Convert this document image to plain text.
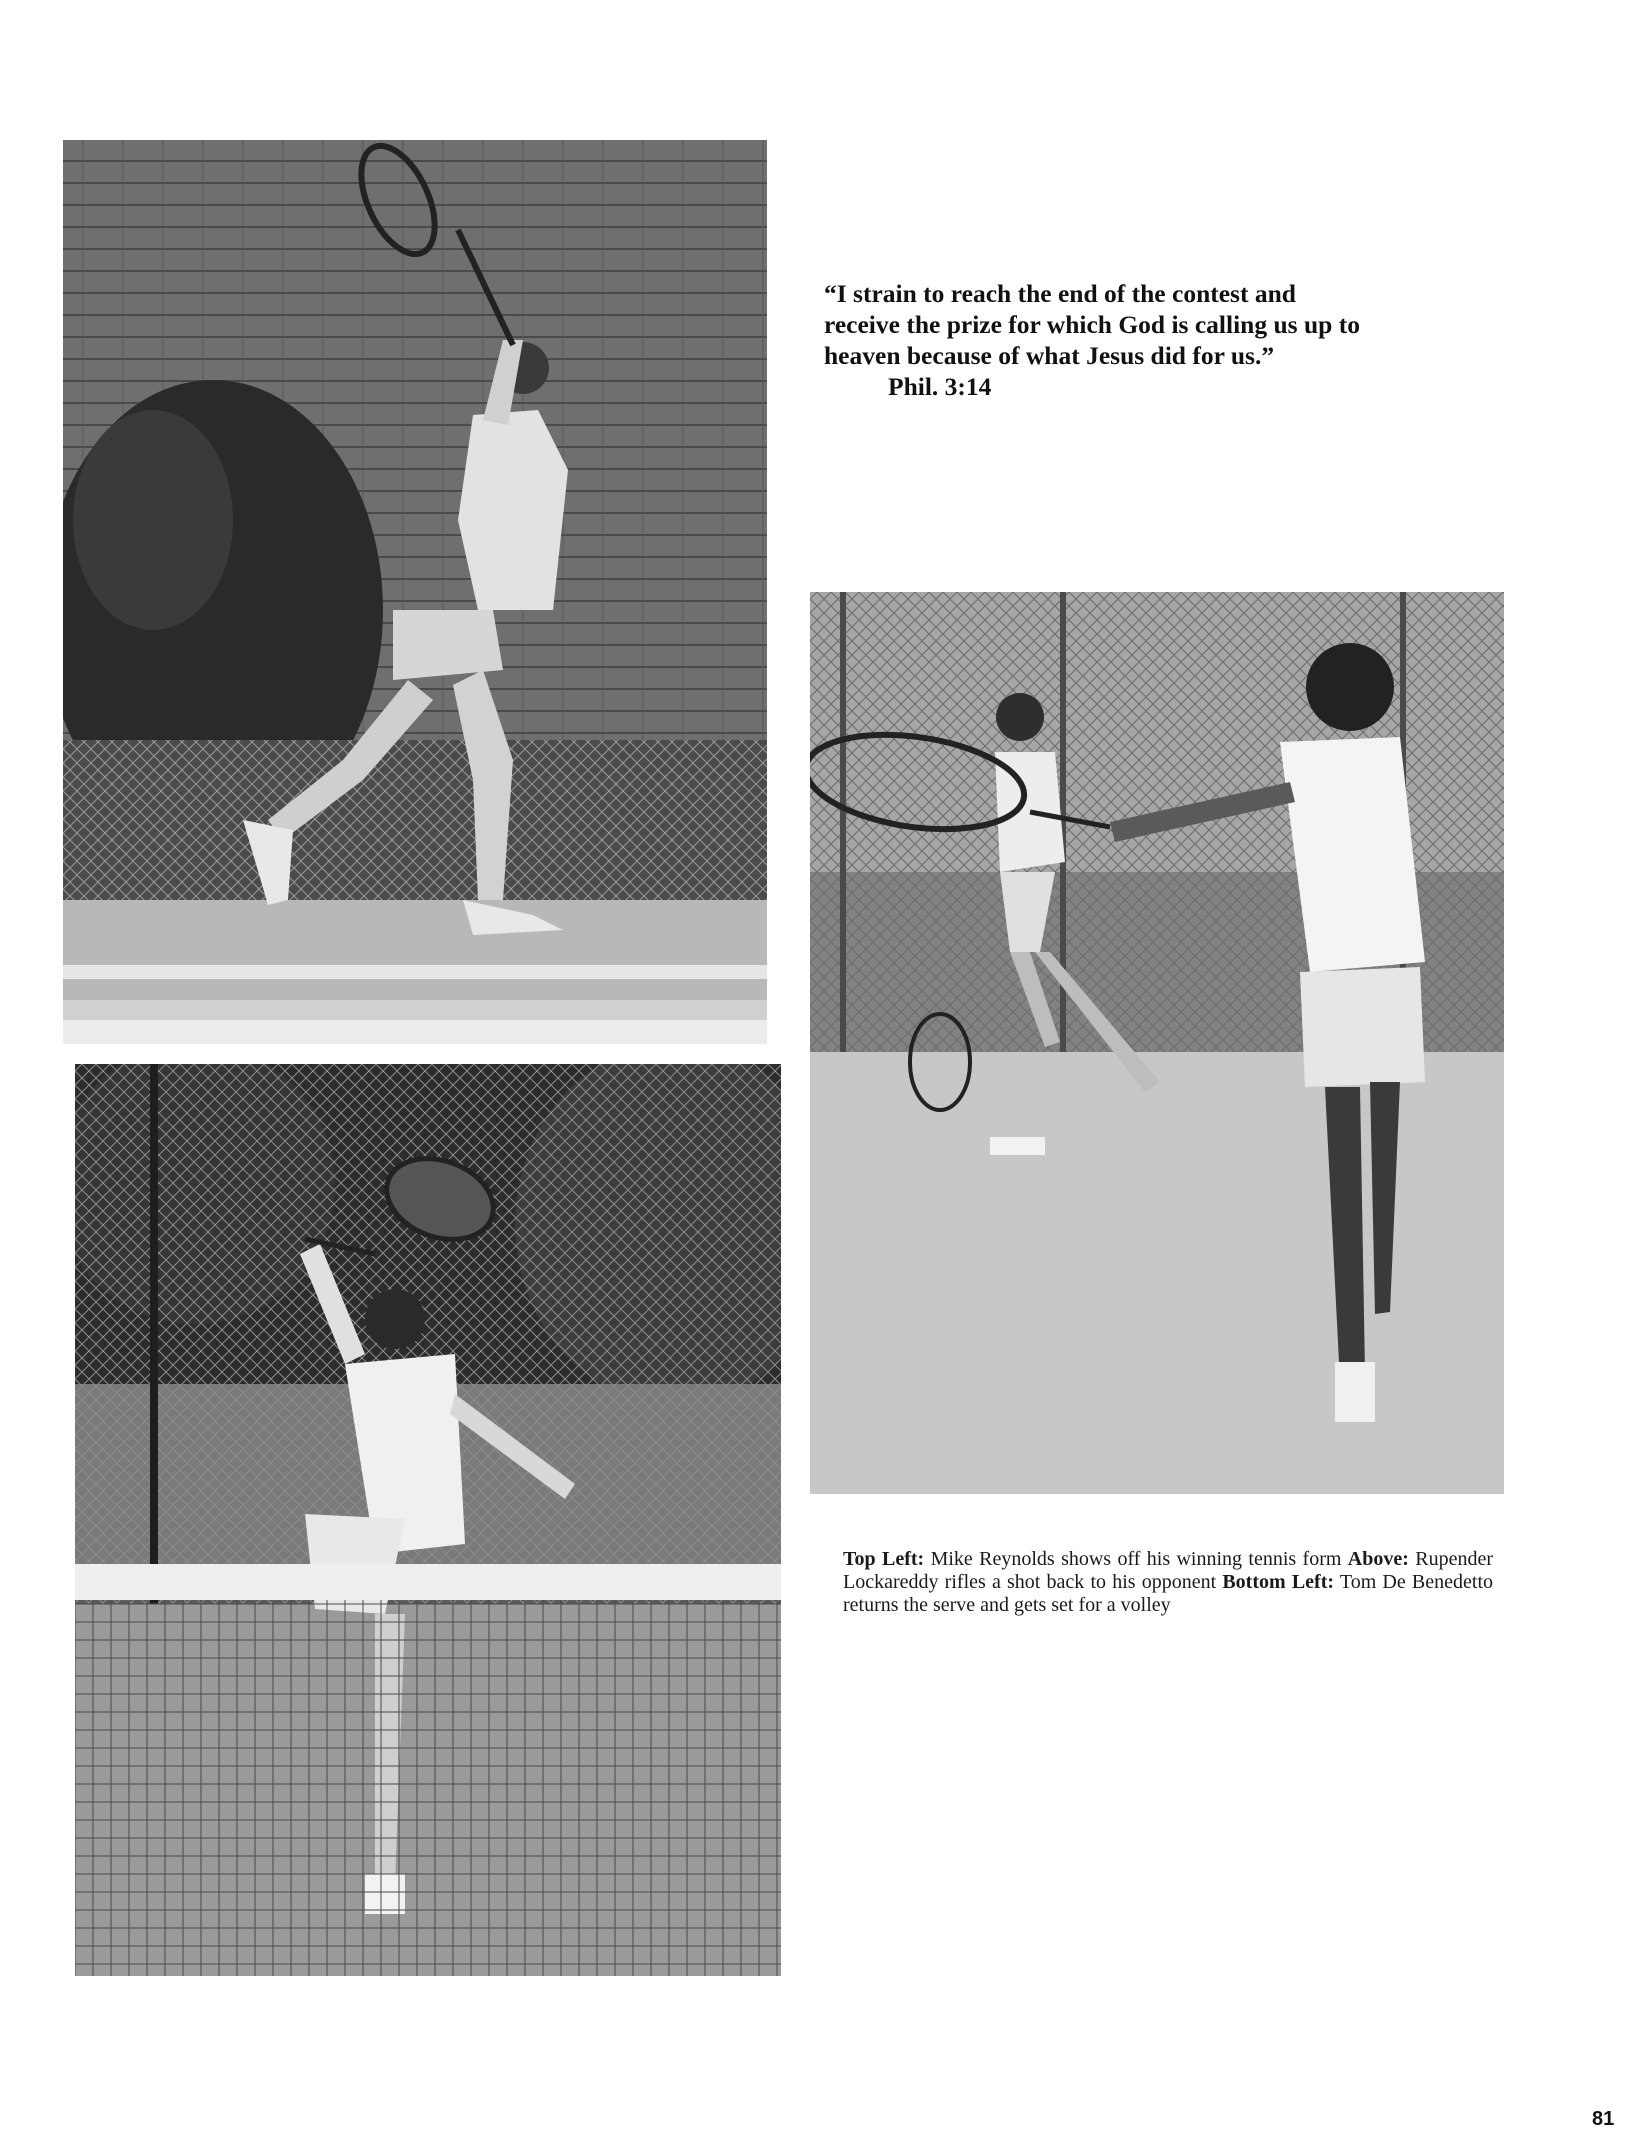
“I strain to reach the end of the contest and
receive the prize for which God is calling us up to
heaven because of what Jesus did for us.”
Phil. 3:14
Top Left: Mike Reynolds shows off his winning tennis form Above: Rupender Lockareddy rifles a shot back to his opponent Bottom Left: Tom De Benedetto returns the serve and gets set for a volley
81
